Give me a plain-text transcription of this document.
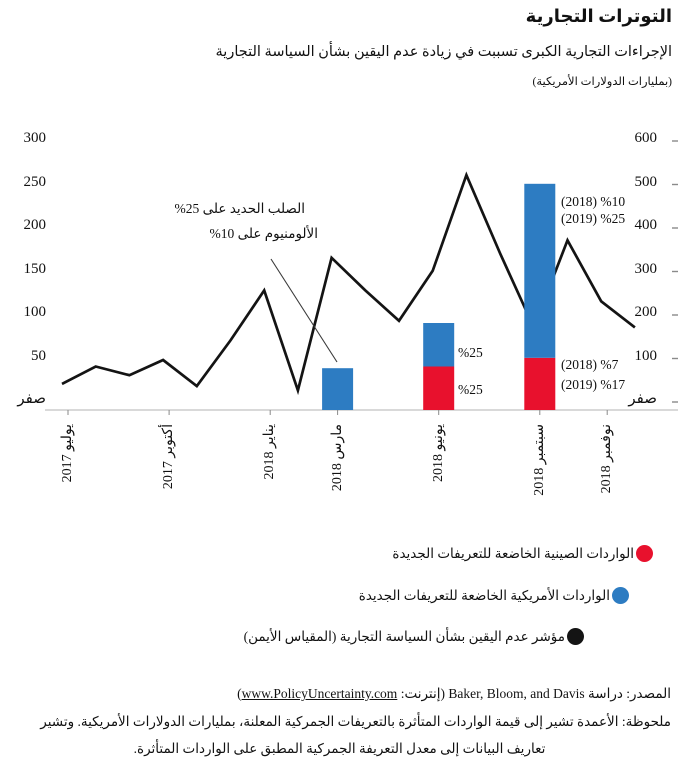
التوترات التجارية
الإجراءات التجارية الكبرى تسببت في زيادة عدم اليقين بشأن السياسة التجارية
(بمليارات الدولارات الأمريكية)
صفر
50
100
150
200
250
300
صفر
100
200
300
400
500
600
يوليو 2017
أكتوبر 2017
يناير 2018
مارس 2018
يونيو 2018
سبتمبر 2018
نوفمبر 2018
%25 على‎ الحديد‎ الصلب
%10 على‎ الألومنيوم
(2018) %10
(2019) %25
(2018) %7
(2019) %17
%25
%25
الواردات الصينية الخاضعة للتعريفات الجديدة
الواردات الأمريكية الخاضعة للتعريفات الجديدة
مؤشر عدم اليقين بشأن السياسة التجارية (المقياس الأيمن)
المصدر: دراسة Baker, Bloom, and Davis (إنترنت: www.PolicyUncertainty.com)
ملحوظة: الأعمدة تشير إلى قيمة الواردات المتأثرة بالتعريفات الجمركية المعلنة، بمليارات الدولارات الأمريكية. وتشير
تعاريف البيانات إلى معدل التعريفة الجمركية المطبق على الواردات المتأثرة.
